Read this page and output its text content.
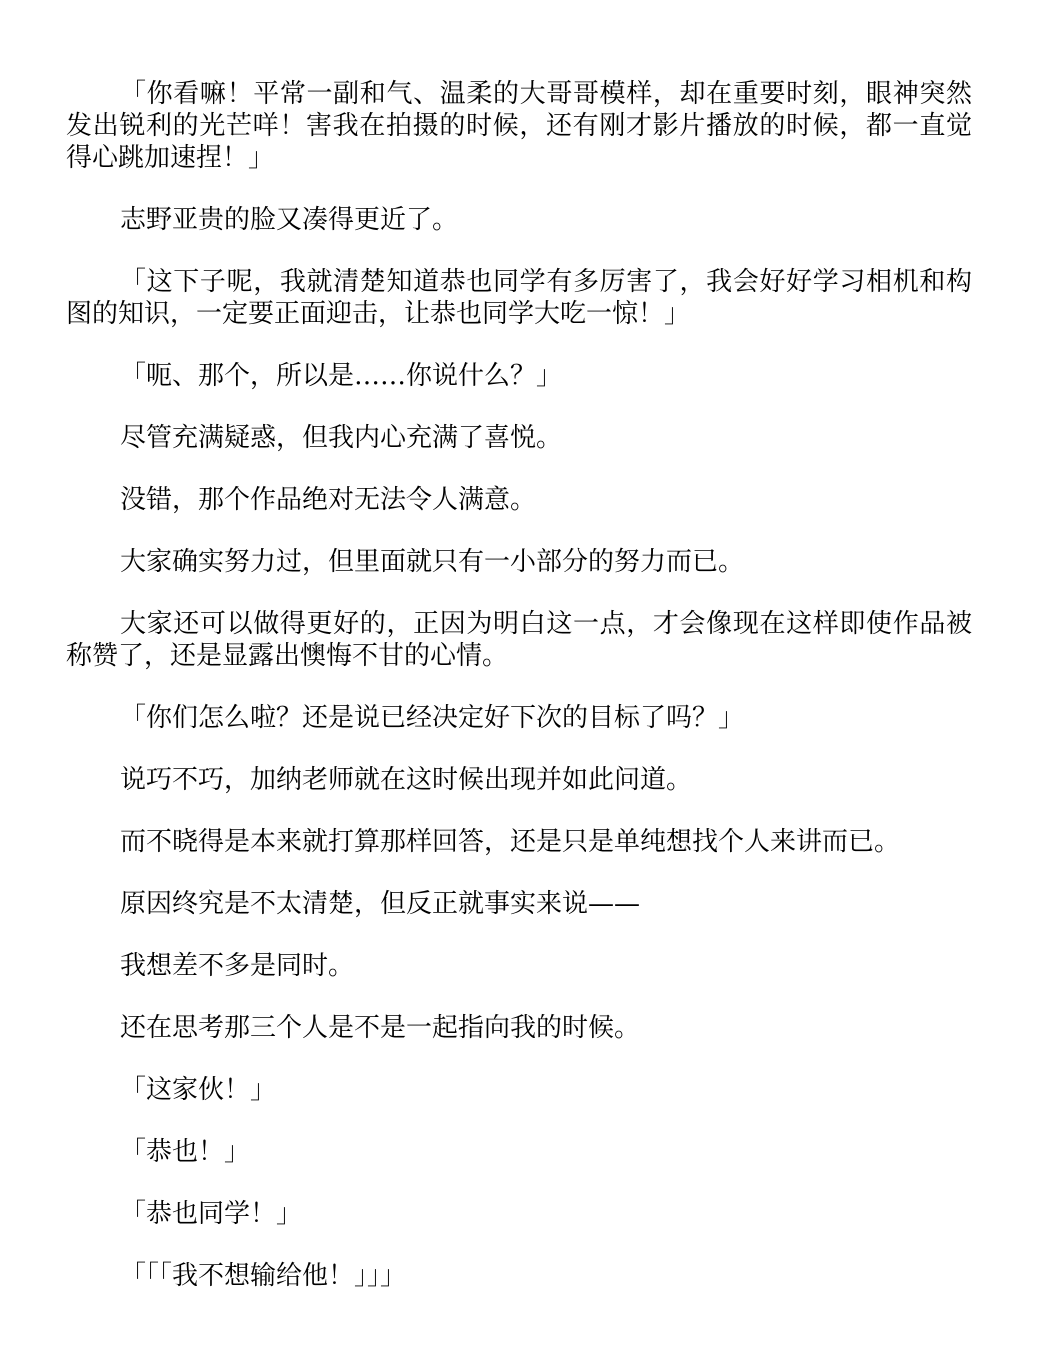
「你看嘛！平常一副和气、温柔的大哥哥模样，却在重要时刻，眼神突然发出锐利的光芒咩！害我在拍摄的时候，还有刚才影片播放的时候，都一直觉得心跳加速捏！」

志野亚贵的脸又凑得更近了。

「这下子呢，我就清楚知道恭也同学有多厉害了，我会好好学习相机和构图的知识，一定要正面迎击，让恭也同学大吃一惊！」

「呃、那个，所以是……你说什么？」

尽管充满疑惑，但我内心充满了喜悦。

没错，那个作品绝对无法令人满意。

大家确实努力过，但里面就只有一小部分的努力而已。

大家还可以做得更好的，正因为明白这一点，才会像现在这样即使作品被称赞了，还是显露出懊悔不甘的心情。

「你们怎么啦？还是说已经决定好下次的目标了吗？」

说巧不巧，加纳老师就在这时候出现并如此问道。

而不晓得是本来就打算那样回答，还是只是单纯想找个人来讲而已。

原因终究是不太清楚，但反正就事实来说——

我想差不多是同时。

还在思考那三个人是不是一起指向我的时候。

「这家伙！」

「恭也！」

「恭也同学！」

「「「我不想输给他！」」」
